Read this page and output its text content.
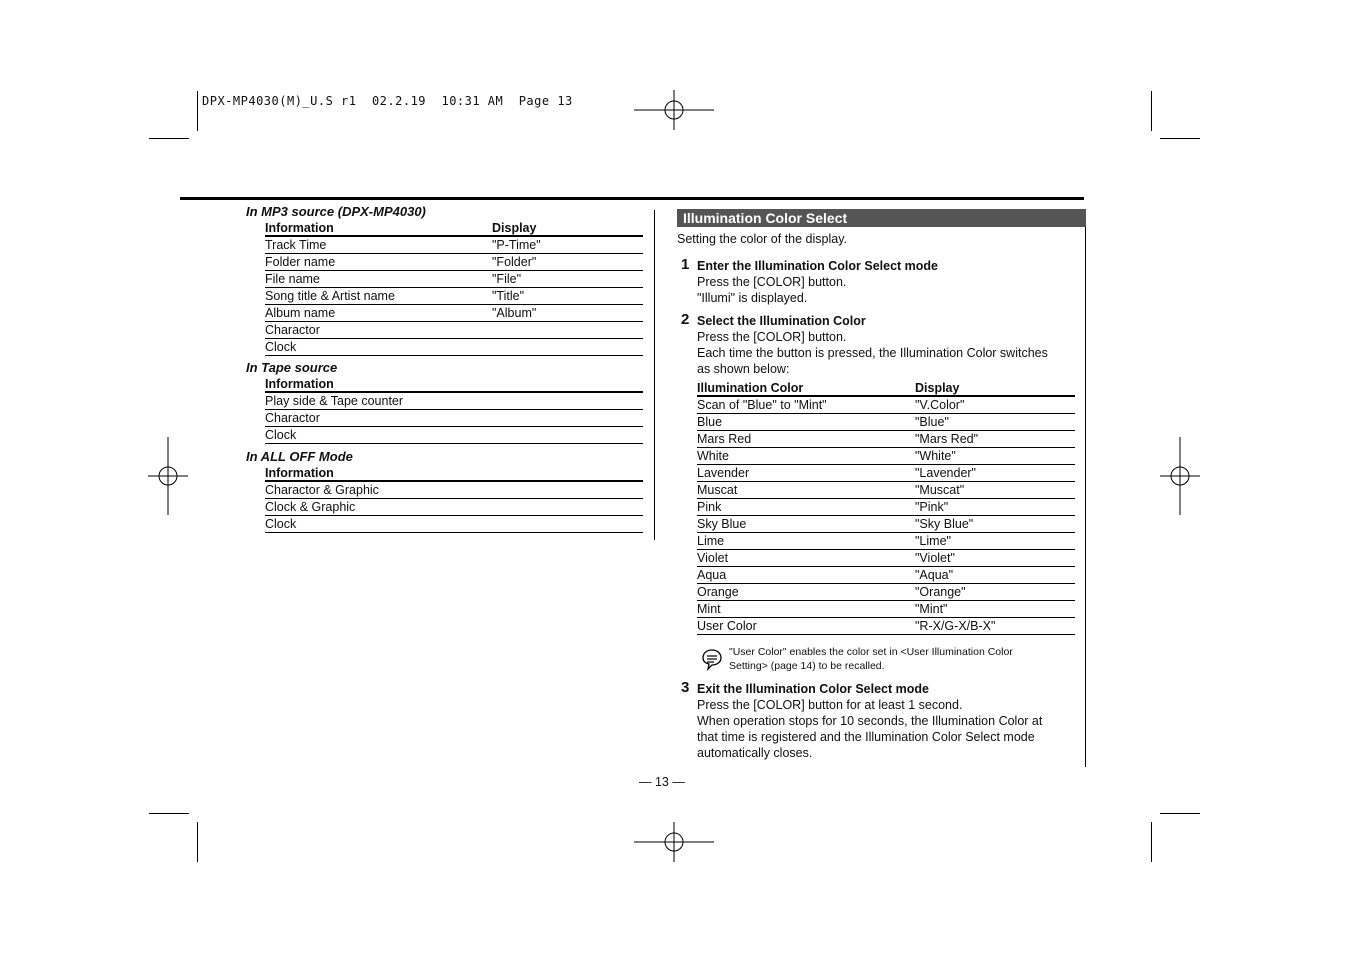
DPX-MP4030(M)_U.S r1  02.2.19  10:31 AM  Page 13
In MP3 source (DPX-MP4030)
Information	Display
Track Time	"P-Time"
Folder name	"Folder"
File name	"File"
Song title & Artist name	"Title"
Album name	"Album"
Charactor	
Clock	
In Tape source
Information
Play side & Tape counter
Charactor
Clock
In ALL OFF Mode
Information
Charactor & Graphic
Clock & Graphic
Clock
Illumination Color Select
Setting the color of the display.
1 Enter the Illumination Color Select mode
Press the [COLOR] button.
"Illumi" is displayed.
2 Select the Illumination Color
Press the [COLOR] button.
Each time the button is pressed, the Illumination Color switches
as shown below:
Illumination Color	Display
Scan of "Blue" to "Mint"	"V.Color"
Blue	"Blue"
Mars Red	"Mars Red"
White	"White"
Lavender	"Lavender"
Muscat	"Muscat"
Pink	"Pink"
Sky Blue	"Sky Blue"
Lime	"Lime"
Violet	"Violet"
Aqua	"Aqua"
Orange	"Orange"
Mint	"Mint"
User Color	"R-X/G-X/B-X"
"User Color" enables the color set in <User Illumination Color
Setting> (page 14) to be recalled.
3 Exit the Illumination Color Select mode
Press the [COLOR] button for at least 1 second.
When operation stops for 10 seconds, the Illumination Color at
that time is registered and the Illumination Color Select mode
automatically closes.
— 13 —
